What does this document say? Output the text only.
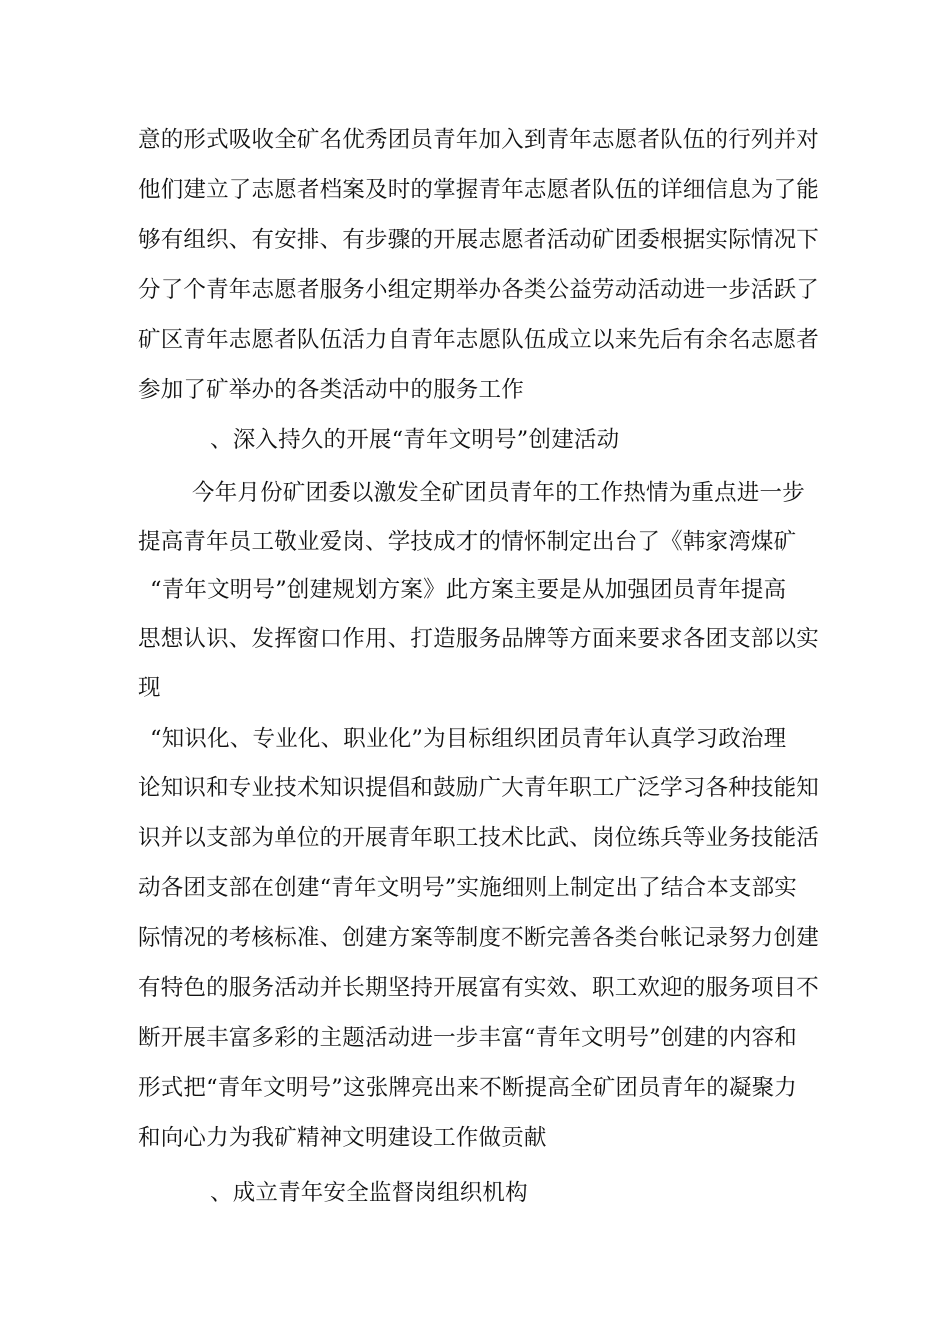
意的形式吸收全矿名优秀团员青年加入到青年志愿者队伍的行列并对
他们建立了志愿者档案及时的掌握青年志愿者队伍的详细信息为了能
够有组织、有安排、有步骤的开展志愿者活动矿团委根据实际情况下
分了个青年志愿者服务小组定期举办各类公益劳动活动进一步活跃了
矿区青年志愿者队伍活力自青年志愿队伍成立以来先后有余名志愿者
参加了矿举办的各类活动中的服务工作
、深入持久的开展“青年文明号”创建活动
今年月份矿团委以激发全矿团员青年的工作热情为重点进一步
提高青年员工敬业爱岗、学技成才的情怀制定出台了《韩家湾煤矿
“青年文明号”创建规划方案》此方案主要是从加强团员青年提高
思想认识、发挥窗口作用、打造服务品牌等方面来要求各团支部以实
现
“知识化、专业化、职业化”为目标组织团员青年认真学习政治理
论知识和专业技术知识提倡和鼓励广大青年职工广泛学习各种技能知
识并以支部为单位的开展青年职工技术比武、岗位练兵等业务技能活
动各团支部在创建“青年文明号”实施细则上制定出了结合本支部实
际情况的考核标准、创建方案等制度不断完善各类台帐记录努力创建
有特色的服务活动并长期坚持开展富有实效、职工欢迎的服务项目不
断开展丰富多彩的主题活动进一步丰富“青年文明号”创建的内容和
形式把“青年文明号”这张牌亮出来不断提高全矿团员青年的凝聚力
和向心力为我矿精神文明建设工作做贡献
、成立青年安全监督岗组织机构
